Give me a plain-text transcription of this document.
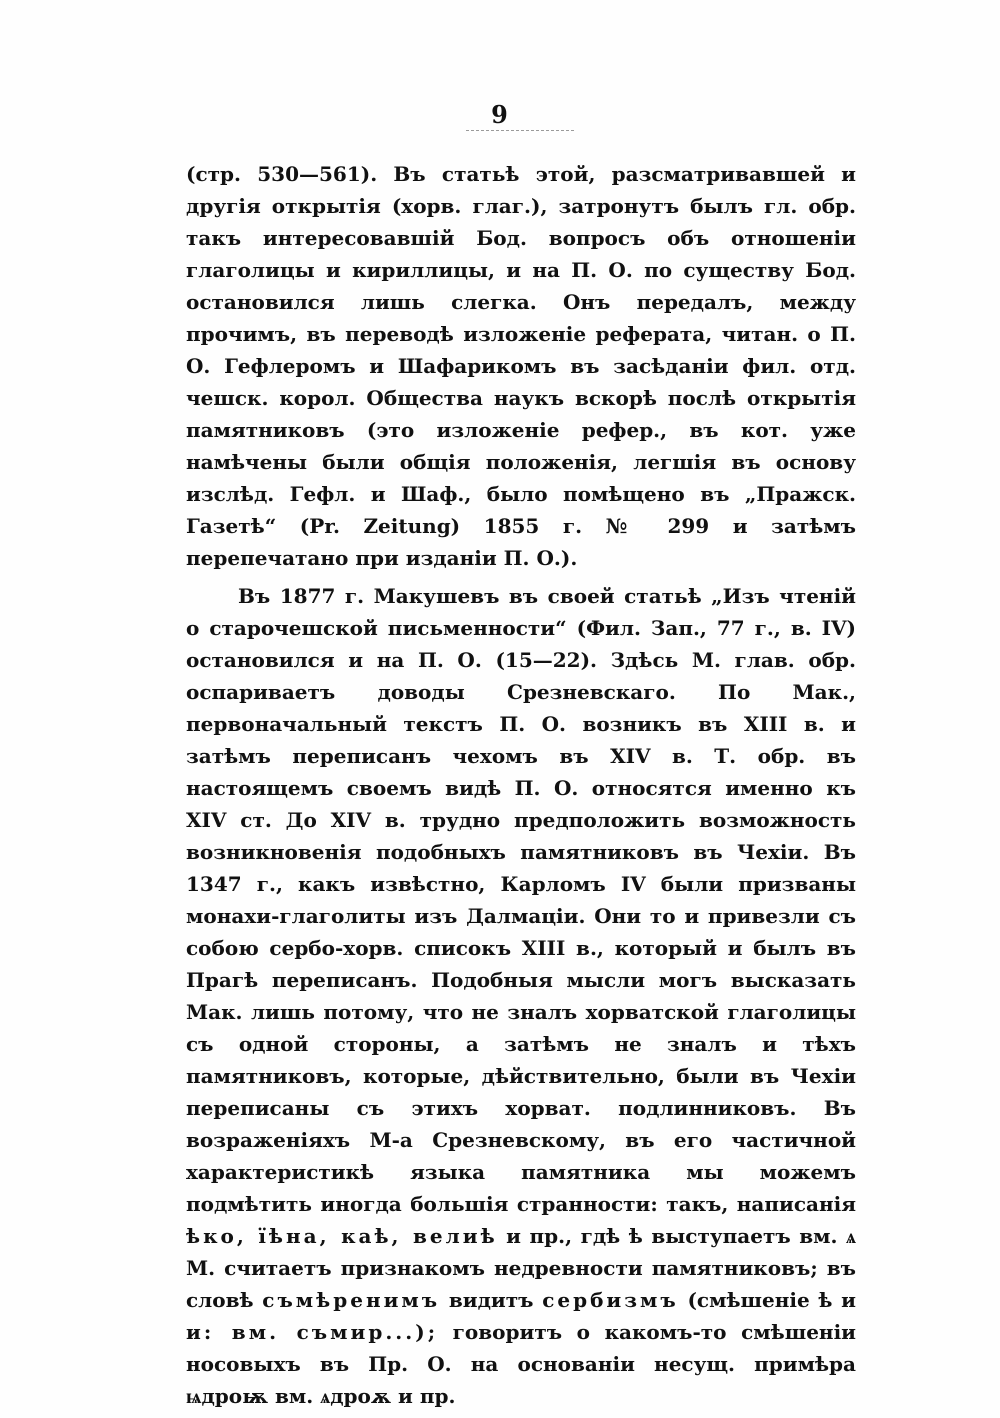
9

(стр. 530—561). Въ статьѣ этой, разсматривавшей и другія открытія (хорв. глаг.), затронутъ былъ гл. обр. такъ интересовавшій Бод. вопросъ объ отношеніи глаголицы и кириллицы, и на П. О. по существу Бод. остановился лишь слегка. Онъ передалъ, между прочимъ, въ переводѣ изложеніе реферата, читан. о П. О. Гефлеромъ и Шафарикомъ въ засѣданіи фил. отд. чешск. корол. Общества наукъ вскорѣ послѣ открытія памятниковъ (это изложеніе рефер., въ кот. уже намѣчены были общія положенія, легшія въ основу изслѣд. Гефл. и Шаф., было помѣщено въ „Пражск. Газетѣ“ (Pr. Zeitung) 1855 г. № 299 и затѣмъ перепечатано при изданіи П. О.).

Въ 1877 г. Макушевъ въ своей статьѣ „Изъ чтеній о старочешской письменности“ (Фил. Зап., 77 г., в. IV) остановился и на П. О. (15—22). Здѣсь М. глав. обр. оспариваетъ доводы Срезневскаго. По Мак., первоначальный текстъ П. О. возникъ въ XIII в. и затѣмъ переписанъ чехомъ въ XIV в. Т. обр. въ настоящемъ своемъ видѣ П. О. относятся именно къ XIV ст. До XIV в. трудно предположить возможность возникновенія подобныхъ памятниковъ въ Чехіи. Въ 1347 г., какъ извѣстно, Карломъ IV были призваны монахи-глаголиты изъ Далмаціи. Они то и привезли съ собою сербо-хорв. списокъ XIII в., который и былъ въ Прагѣ переписанъ. Подобныя мысли могъ высказать Мак. лишь потому, что не зналъ хорватской глаголицы съ одной стороны, а затѣмъ не зналъ и тѣхъ памятниковъ, которые, дѣйствительно, были въ Чехіи переписаны съ этихъ хорват. подлинниковъ. Въ возраженіяхъ М-а Срезневскому, въ его частичной характеристикѣ языка памятника мы можемъ подмѣтить иногда большія странности: такъ, написанія ѣко, їѣна, каѣ, велиѣ и пр., гдѣ ѣ выступаетъ вм. ѧ М. считаетъ признакомъ недревности памятниковъ; въ словѣ съмѣренимъ видитъ сербизмъ (смѣшеніе ѣ и и: вм. съмир...); говоритъ о какомъ-то смѣшеніи носовыхъ въ Пр. О. на основаніи несущ. примѣра ѩдроѭ вм. ѧдроѫ и пр.
